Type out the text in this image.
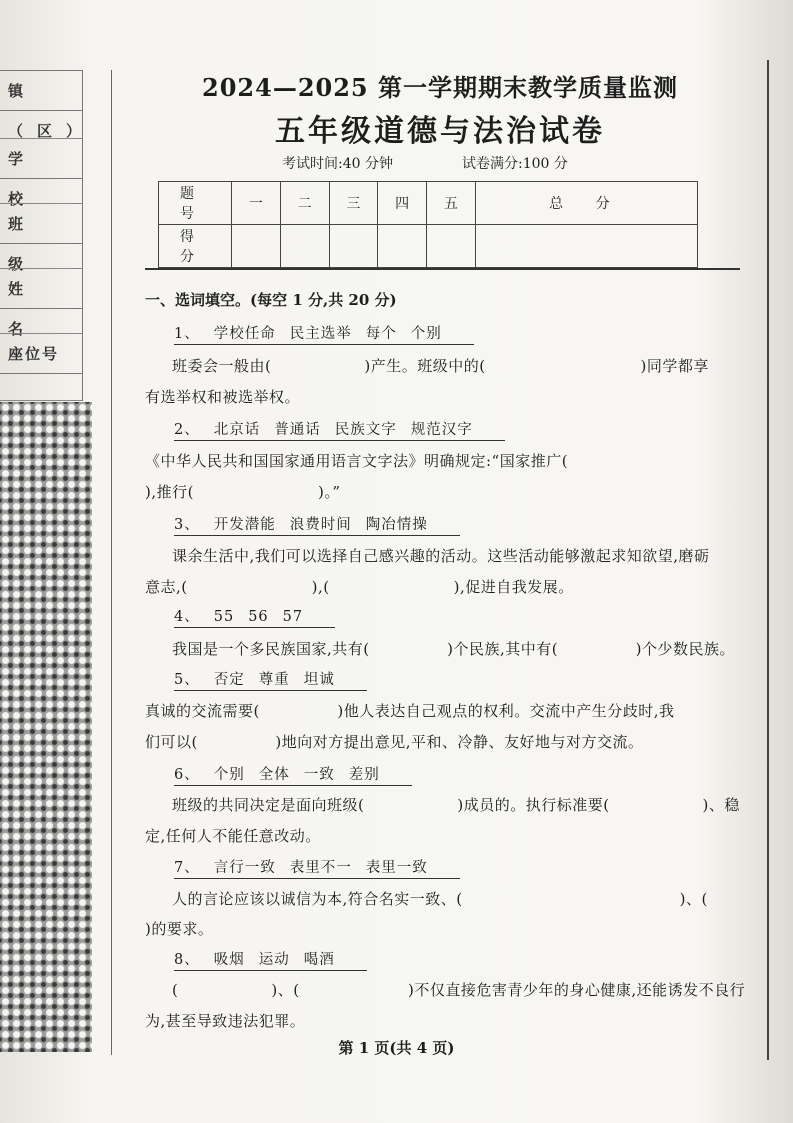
镇（区）
学 校
班 级
姓 名
座位号
2024—2025 第一学期期末教学质量监测
五年级道德与法治试卷
考试时间:40 分钟	试卷满分:100 分
题 号	一	二	三	四	五	总 分
得 分						
一、选词填空。(每空 1 分,共 20 分)
1、 学校任命 民主选举 每个 个别
班委会一般由(　　　　　　)产生。班级中的(　　　　　　　　　　)同学都享
有选举权和被选举权。
2、 北京话 普通话 民族文字 规范汉字
《中华人民共和国国家通用语言文字法》明确规定:“国家推广(
),推行(　　　　　　　　)。”
3、 开发潜能 浪费时间 陶冶情操
课余生活中,我们可以选择自己感兴趣的活动。这些活动能够激起求知欲望,磨砺
意志,(　　　　　　　　),(　　　　　　　　),促进自我发展。
4、 55 56 57
我国是一个多民族国家,共有(　　　　　)个民族,其中有(　　　　　)个少数民族。
5、 否定 尊重 坦诚
真诚的交流需要(　　　　　)他人表达自己观点的权利。交流中产生分歧时,我
们可以(　　　　　)地向对方提出意见,平和、冷静、友好地与对方交流。
6、 个别 全体 一致 差别
班级的共同决定是面向班级(　　　　　　)成员的。执行标准要(　　　　　　)、稳
定,任何人不能任意改动。
7、 言行一致 表里不一 表里一致
人的言论应该以诚信为本,符合名实一致、(　　　　　　　　　　　　　　)、(
)的要求。
8、 吸烟 运动 喝酒
(　　　　　　)、(　　　　　　　)不仅直接危害青少年的身心健康,还能诱发不良行
为,甚至导致违法犯罪。
第 1 页(共 4 页)
